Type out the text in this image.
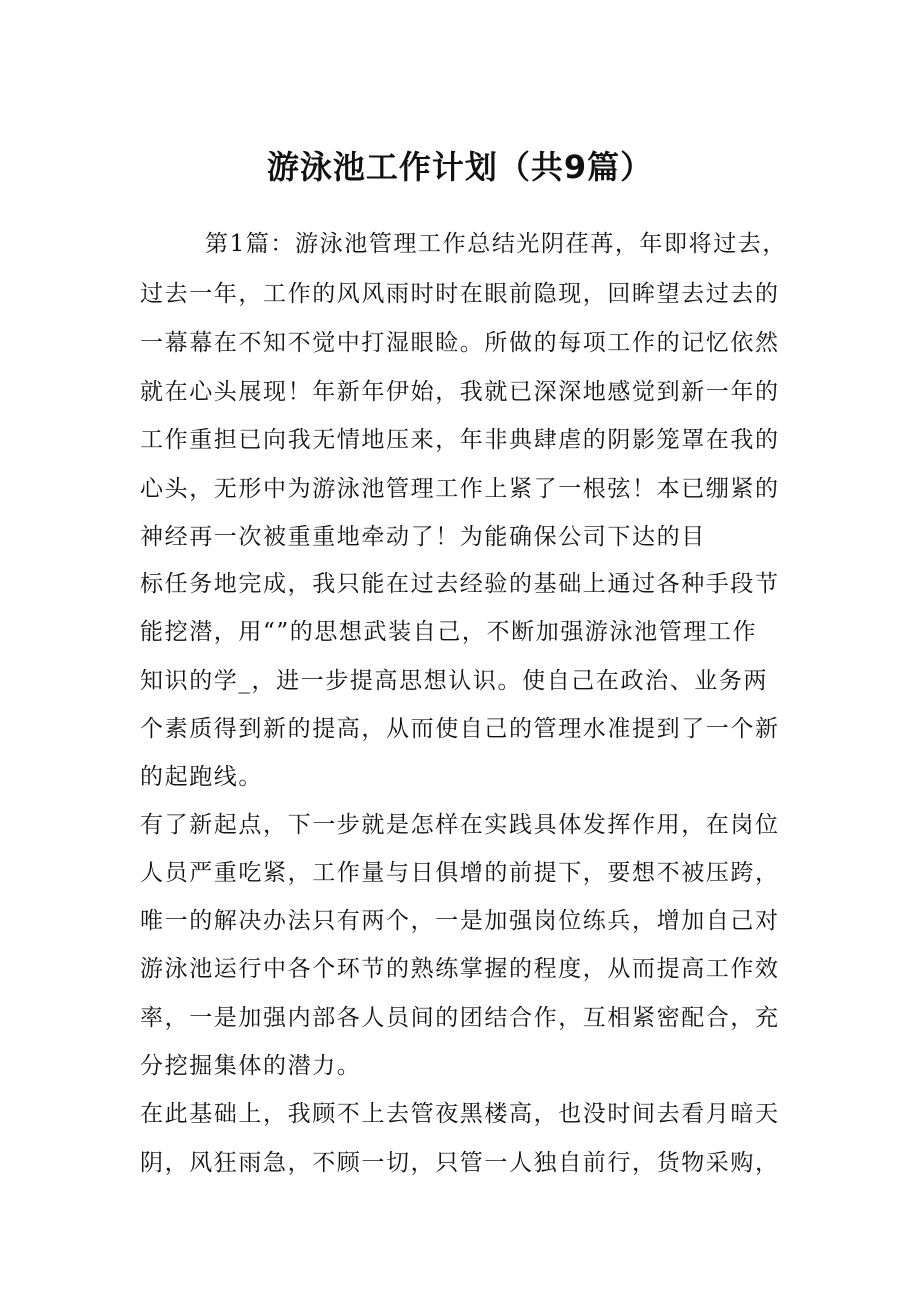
游泳池工作计划（共9篇）

第1篇：游泳池管理工作总结光阴荏苒，年即将过去，

过去一年，工作的风风雨时时在眼前隐现，回眸望去过去的

一幕幕在不知不觉中打湿眼睑。所做的每项工作的记忆依然

就在心头展现！年新年伊始，我就已深深地感觉到新一年的

工作重担已向我无情地压来，年非典肆虐的阴影笼罩在我的

心头，无形中为游泳池管理工作上紧了一根弦！本已绷紧的

神经再一次被重重地牵动了！为能确保公司下达的目

标任务地完成，我只能在过去经验的基础上通过各种手段节

能挖潜，用“”的思想武装自己，不断加强游泳池管理工作

知识的学_，进一步提高思想认识。使自己在政治、业务两

个素质得到新的提高，从而使自己的管理水准提到了一个新

的起跑线。

有了新起点，下一步就是怎样在实践具体发挥作用，在岗位

人员严重吃紧，工作量与日俱增的前提下，要想不被压跨，

唯一的解决办法只有两个，一是加强岗位练兵，增加自己对

游泳池运行中各个环节的熟练掌握的程度，从而提高工作效

率，一是加强内部各人员间的团结合作，互相紧密配合，充

分挖掘集体的潜力。

在此基础上，我顾不上去管夜黑楼高，也没时间去看月暗天

阴，风狂雨急，不顾一切，只管一人独自前行，货物采购，
